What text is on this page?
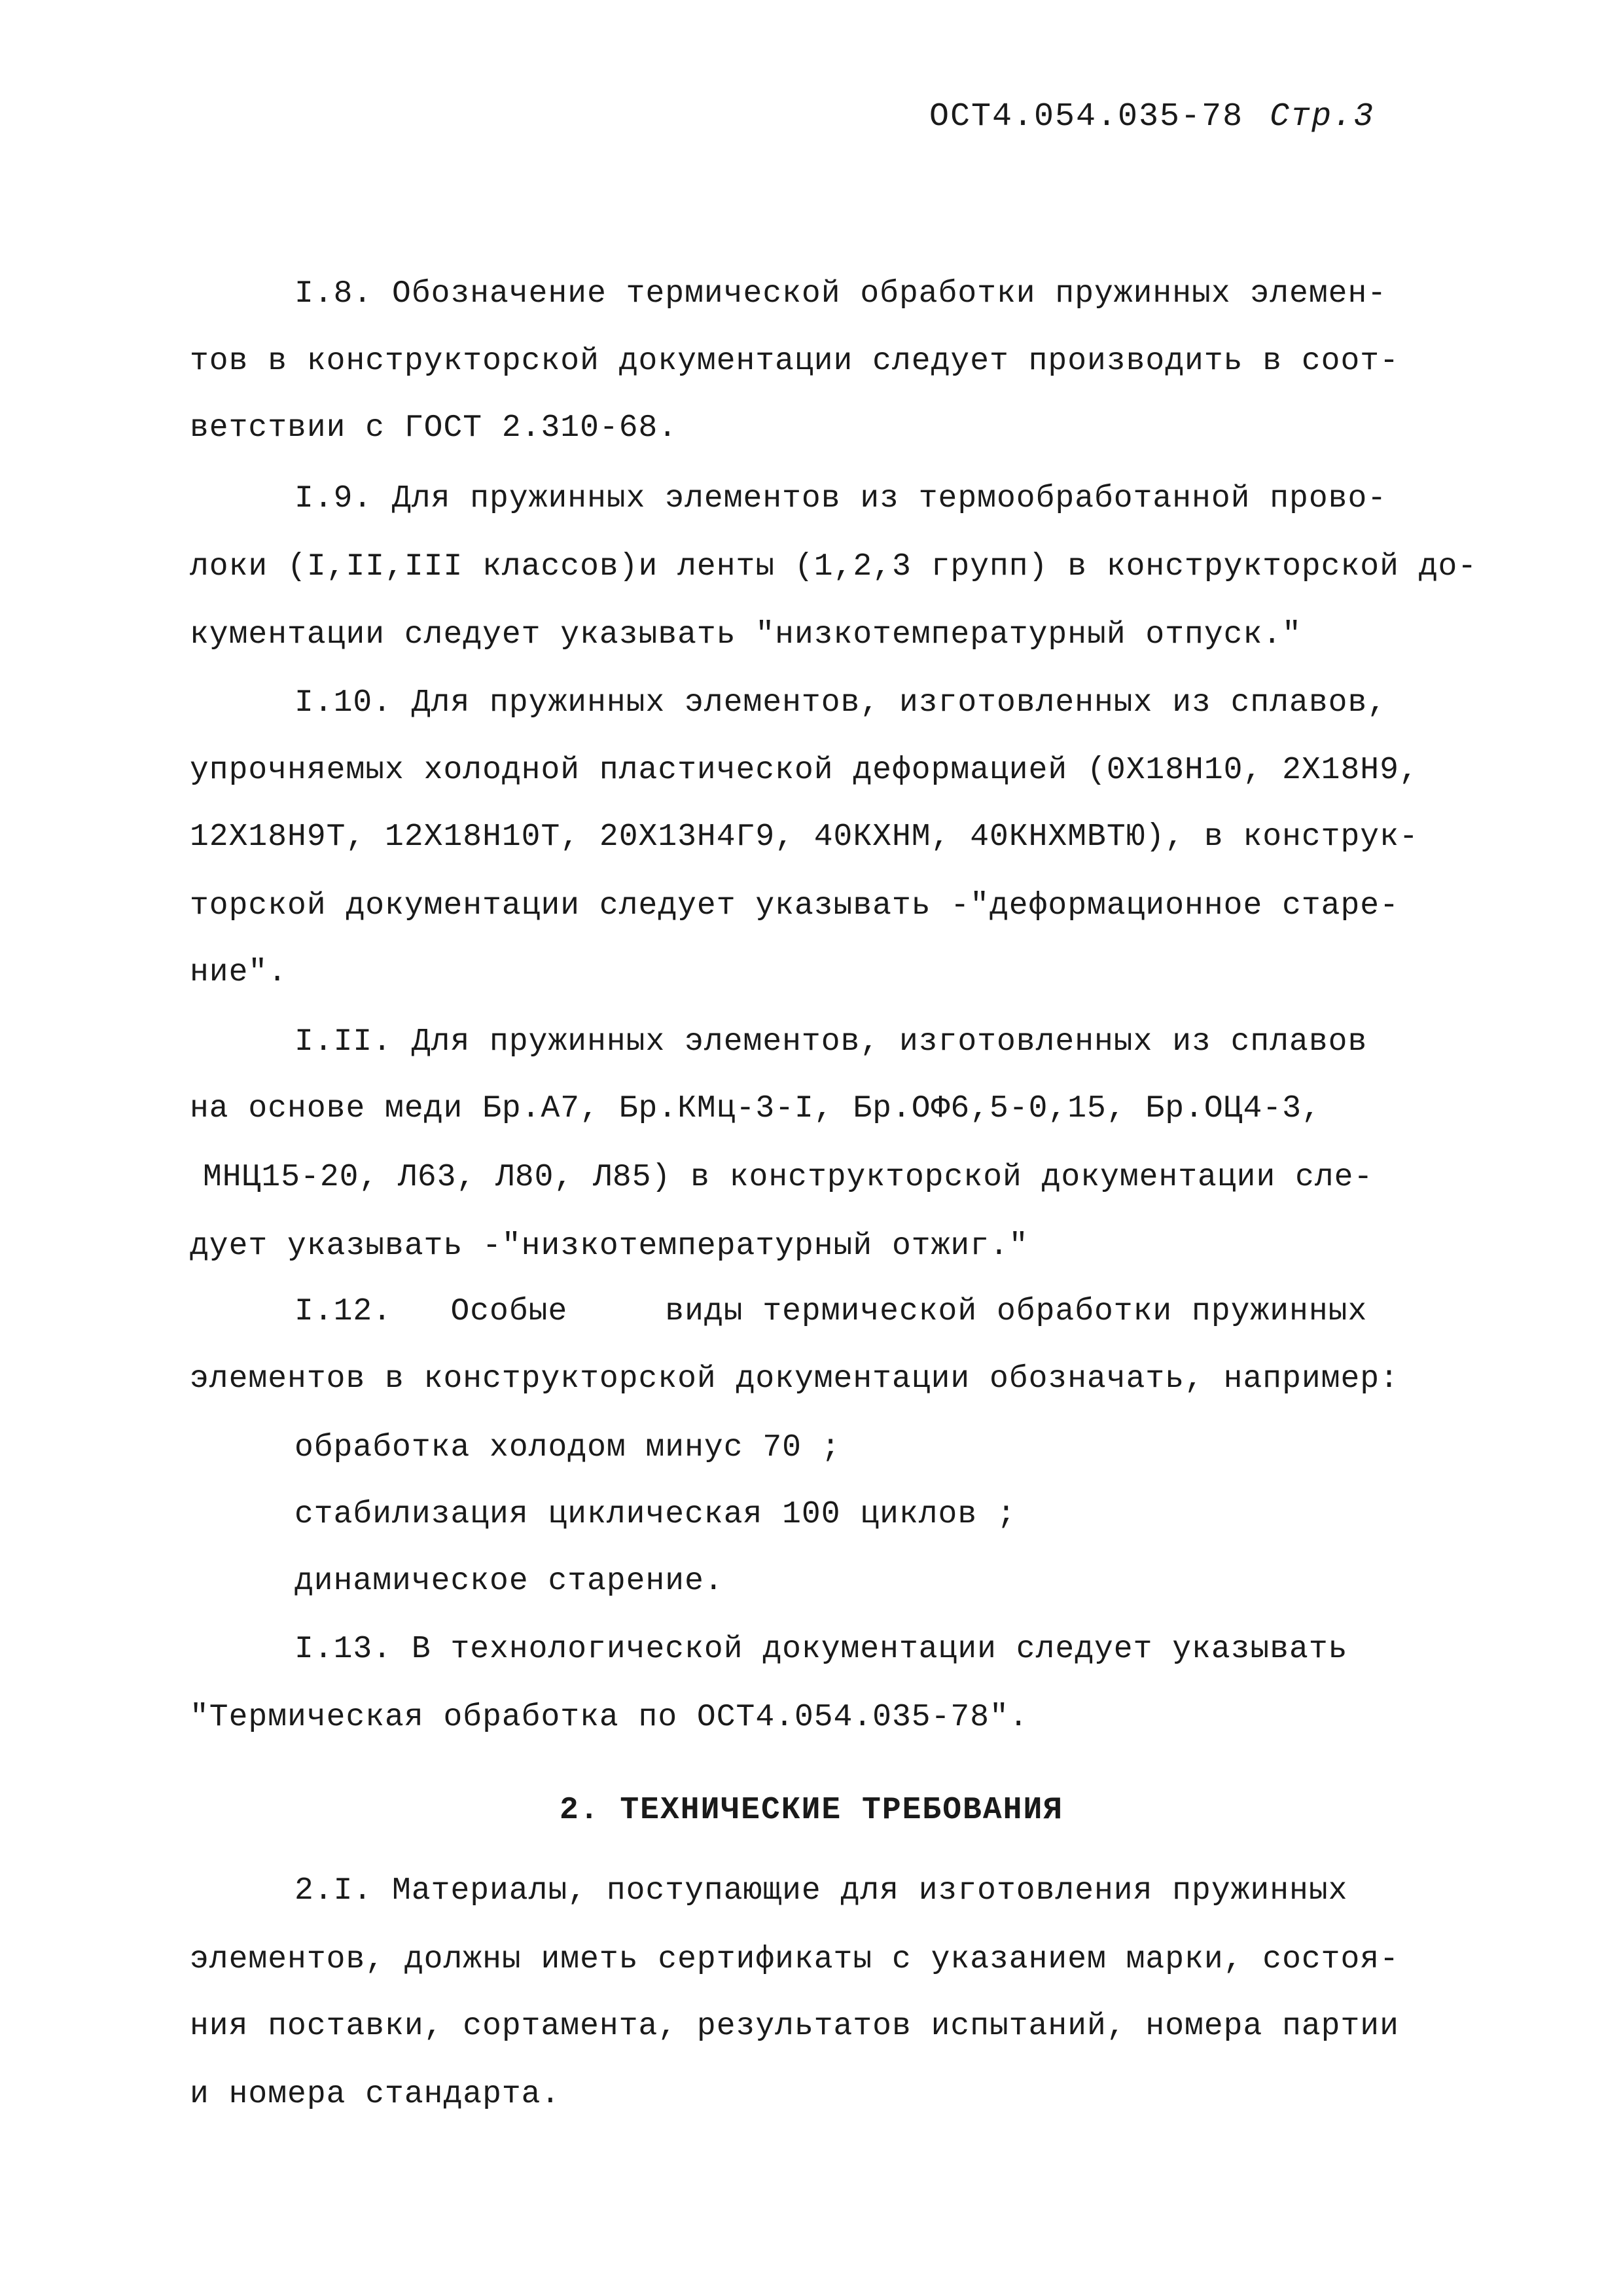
ОСТ4.054.035-78 Стр.3
I.8. Обозначение термической обработки пружинных элемен-
тов в конструкторской документации следует производить в соот-
ветствии с ГОСТ 2.310-68.
I.9. Для пружинных элементов из термообработанной прово-
локи (I,II,III классов)и ленты (1,2,3 групп) в конструкторской до-
кументации следует указывать "низкотемпературный отпуск."
I.10. Для пружинных элементов, изготовленных из сплавов,
упрочняемых холодной пластической деформацией (0Х18Н10, 2Х18Н9,
12Х18Н9Т, 12Х18Н10Т, 20Х13Н4Г9, 40КХНМ, 40КНХМВТЮ), в конструк-
торской документации следует указывать -"деформационное старе-
ние".
I.II. Для пружинных элементов, изготовленных из сплавов
на основе меди Бр.А7, Бр.КМц-3-I, Бр.ОФ6,5-0,15, Бр.ОЦ4-3,
МНЦ15-20, Л63, Л80, Л85) в конструкторской документации сле-
дует указывать -"низкотемпературный отжиг."
I.12.   Особые     виды термической обработки пружинных
элементов в конструкторской документации обозначать, например:
обработка холодом минус 70 ;
стабилизация циклическая 100 циклов ;
динамическое старение.
I.13. В технологической документации следует указывать
"Термическая обработка по ОСТ4.054.035-78".
2. ТЕХНИЧЕСКИЕ ТРЕБОВАНИЯ
2.I. Материалы, поступающие для изготовления пружинных
элементов, должны иметь сертификаты с указанием марки, состоя-
ния поставки, сортамента, результатов испытаний, номера партии
и номера стандарта.
